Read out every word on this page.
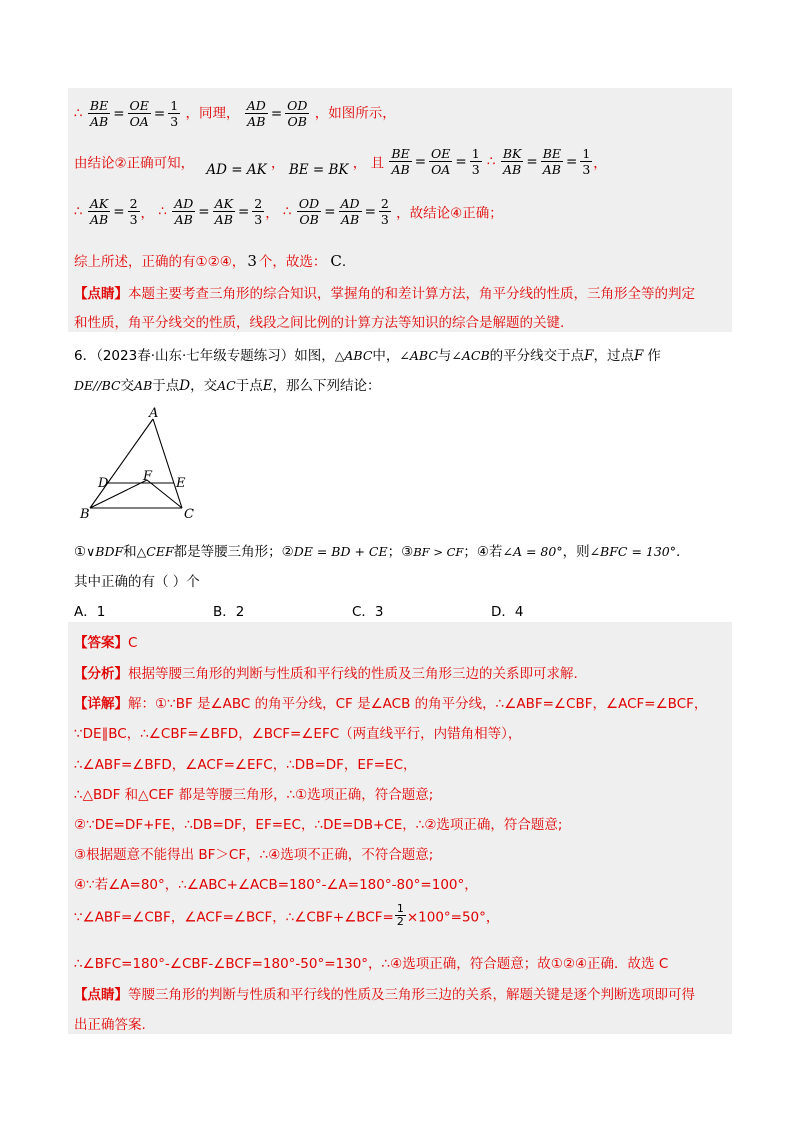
∴ $\frac{BE}{AB} = \frac{OE}{OA} = \frac{1}{3}$ ，同理， $\frac{AD}{AB} = \frac{OD}{OB}$ ，如图所示，
由结论②正确可知， AD = AK ， BE = BK ， 且 $\frac{BE}{AB} = \frac{OE}{OA} = \frac{1}{3}$ ∴ $\frac{BK}{AB} = \frac{BE}{AB} = \frac{1}{3}$ ，
∴ $\frac{AK}{AB} = \frac{2}{3}$ ， ∴ $\frac{AD}{AB} = \frac{AK}{AB} = \frac{2}{3}$ ， ∴ $\frac{OD}{OB} = \frac{AD}{AB} = \frac{2}{3}$ ，故结论④正确；
综上所述，正确的有①②④， 3 个，故选： C.
【点睛】本题主要考查三角形的综合知识，掌握角的和差计算方法，角平分线的性质，三角形全等的判定
和性质，角平分线交的性质，线段之间比例的计算方法等知识的综合是解题的关键.
6．（2023春·山东·七年级专题练习）如图，△ABC中，∠ABC与∠ACB的平分线交于点F，过点F 作
DE//BC交AB于点D，交AC于点E，那么下列结论：
A
D	F E
B	C
①∨BDF和△CEF都是等腰三角形；②DE = BD + CE；③BF > CF；④若∠A = 80°，则∠BFC = 130°.
其中正确的有（ ）个
A．1	B．2	C．3	D．4
【答案】C
【分析】根据等腰三角形的判断与性质和平行线的性质及三角形三边的关系即可求解.
【详解】解：①∵BF 是∠ABC 的角平分线，CF 是∠ACB 的角平分线，∴∠ABF=∠CBF，∠ACF=∠BCF，
∵DE∥BC，∴∠CBF=∠BFD，∠BCF=∠EFC（两直线平行，内错角相等），
∴∠ABF=∠BFD，∠ACF=∠EFC，∴DB=DF，EF=EC，
∴△BDF 和△CEF 都是等腰三角形，∴①选项正确，符合题意;
②∵DE=DF+FE，∴DB=DF，EF=EC，∴DE=DB+CE，∴②选项正确，符合题意;
③根据题意不能得出 BF＞CF，∴④选项不正确，不符合题意;
④∵若∠A=80°，∴∠ABC+∠ACB=180°-∠A=180°-80°=100°，
∵∠ABF=∠CBF，∠ACF=∠BCF，∴∠CBF+∠BCF= $\frac{1}{2} \times 100^\circ=50^\circ$，
∴∠BFC=180°-∠CBF-∠BCF=180°-50°=130°，∴④选项正确，符合题意；故①②④正确．故选 C
【点睛】等腰三角形的判断与性质和平行线的性质及三角形三边的关系，解题关键是逐个判断选项即可得
出正确答案.
